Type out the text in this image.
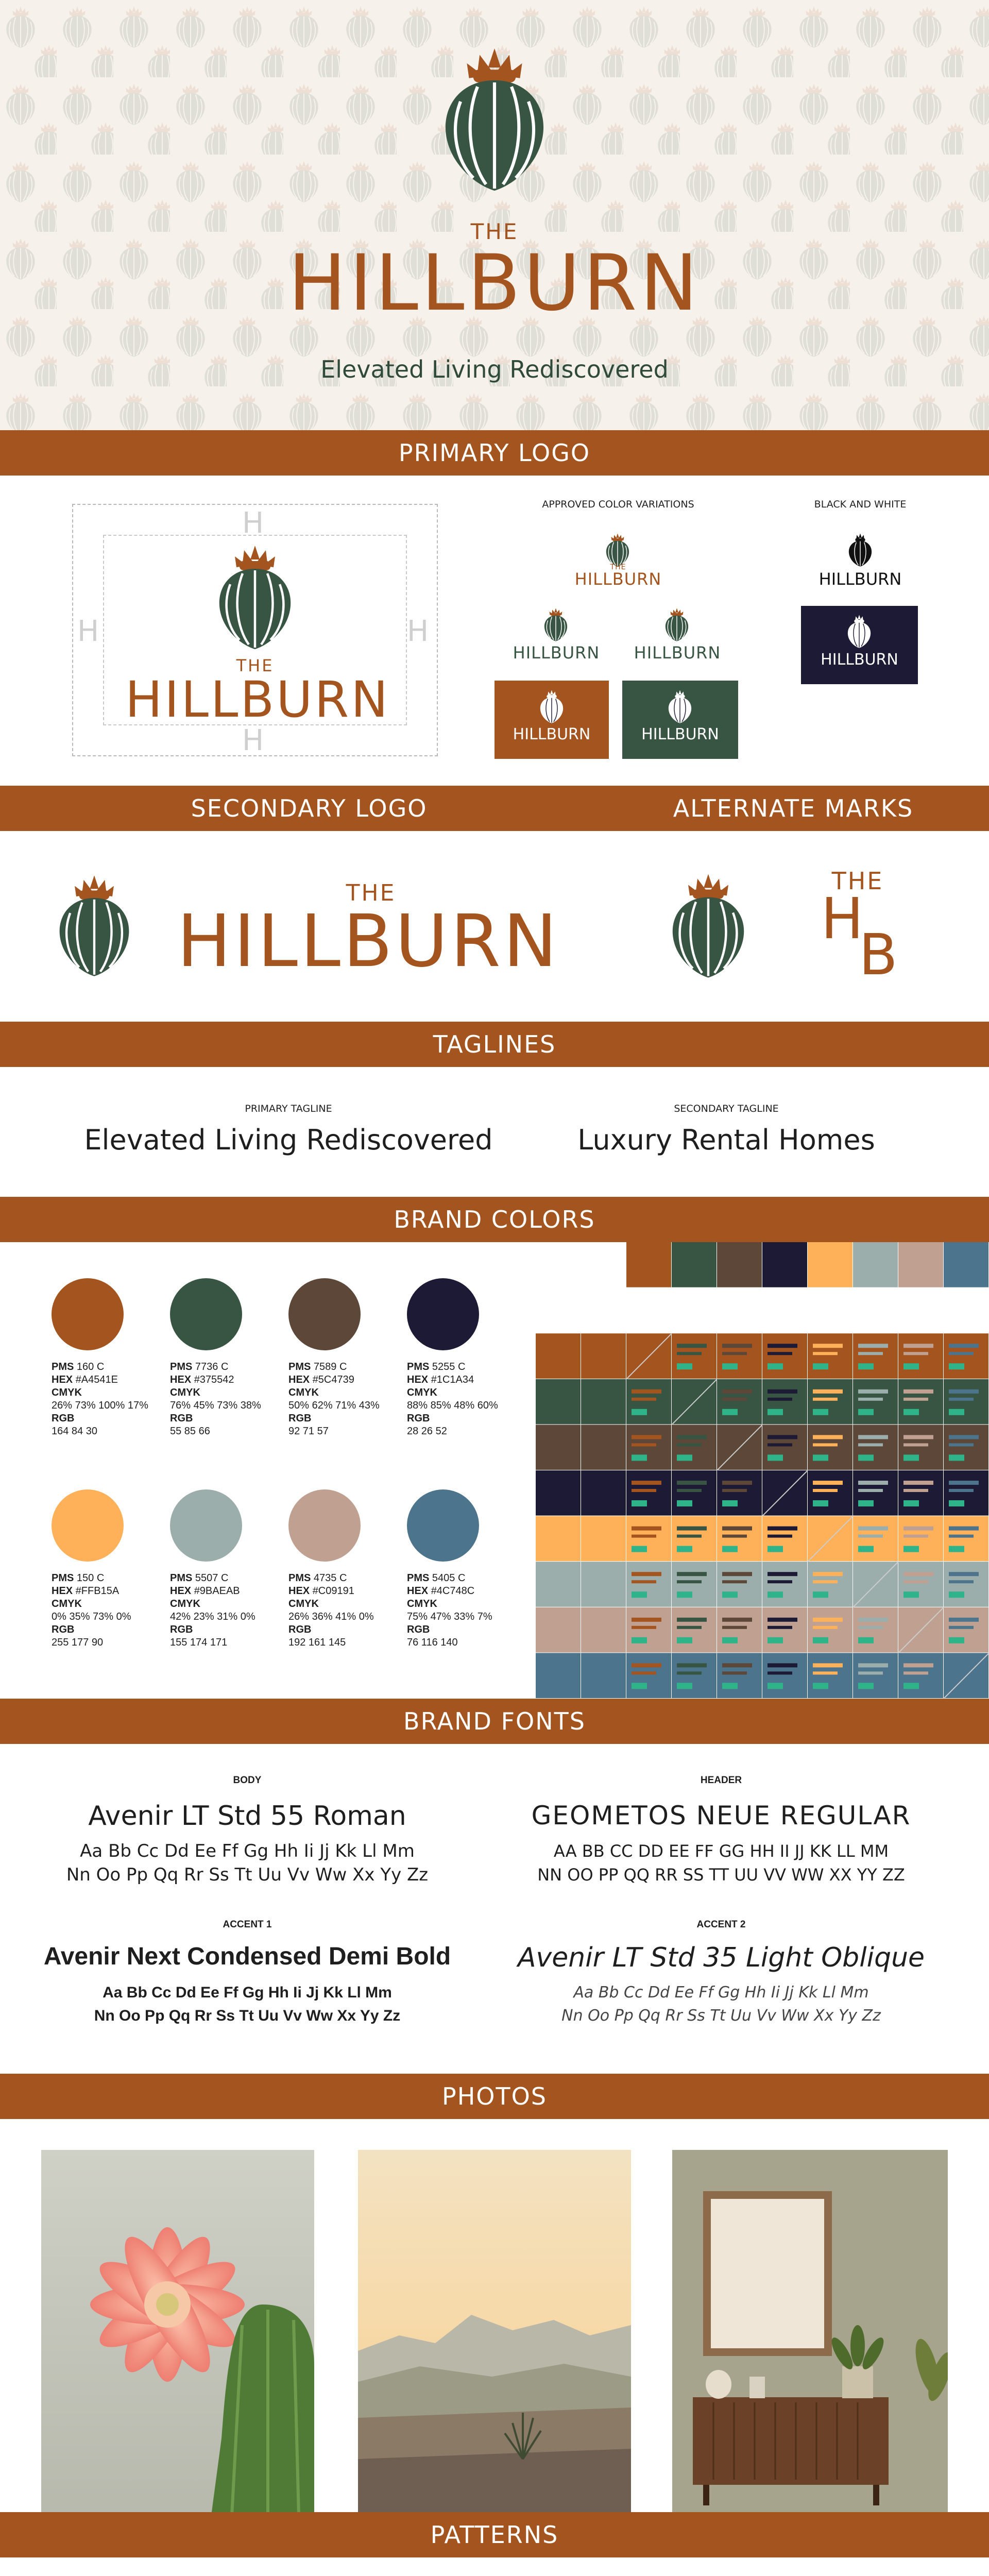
THE
HILLBURN
Elevated Living Rediscovered
PRIMARY LOGO
H
H	H
H
THE
HILLBURN
APPROVED COLOR VARIATIONS
THE
HILLBURN
HILLBURN	HILLBURN
HILLBURN	HILLBURN
BLACK AND WHITE
HILLBURN
HILLBURN
SECONDARY LOGO	ALTERNATE MARKS
THE
HILLBURN
THE
H
B
TAGLINES
PRIMARY TAGLINE
Elevated Living Rediscovered
SECONDARY TAGLINE
Luxury Rental Homes
BRAND COLORS
PMS 160 C
HEX #A4541E
CMYK
26% 73% 100% 17%
RGB
164 84 30
PMS 7736 C
HEX #375542
CMYK
76% 45% 73% 38%
RGB
55 85 66
PMS 7589 C
HEX #5C4739
CMYK
50% 62% 71% 43%
RGB
92 71 57
PMS 5255 C
HEX #1C1A34
CMYK
88% 85% 48% 60%
RGB
28 26 52
PMS 150 C
HEX #FFB15A
CMYK
0% 35% 73% 0%
RGB
255 177 90
PMS 5507 C
HEX #9BAEAB
CMYK
42% 23% 31% 0%
RGB
155 174 171
PMS 4735 C
HEX #C09191
CMYK
26% 36% 41% 0%
RGB
192 161 145
PMS 5405 C
HEX #4C748C
CMYK
75% 47% 33% 7%
RGB
76 116 140
BRAND FONTS
BODY
Avenir LT Std 55 Roman
Aa Bb Cc Dd Ee Ff Gg Hh Ii Jj Kk Ll Mm
Nn Oo Pp Qq Rr Ss Tt Uu Vv Ww Xx Yy Zz
HEADER
GEOMETOS NEUE REGULAR
AA BB CC DD EE FF GG HH II JJ KK LL MM
NN OO PP QQ RR SS TT UU VV WW XX YY ZZ
ACCENT 1
Avenir Next Condensed Demi Bold
Aa Bb Cc Dd Ee Ff Gg Hh Ii Jj Kk Ll Mm
Nn Oo Pp Qq Rr Ss Tt Uu Vv Ww Xx Yy Zz
ACCENT 2
Avenir LT Std 35 Light Oblique
Aa Bb Cc Dd Ee Ff Gg Hh Ii Jj Kk Ll Mm
Nn Oo Pp Qq Rr Ss Tt Uu Vv Ww Xx Yy Zz
PHOTOS
PATTERNS
